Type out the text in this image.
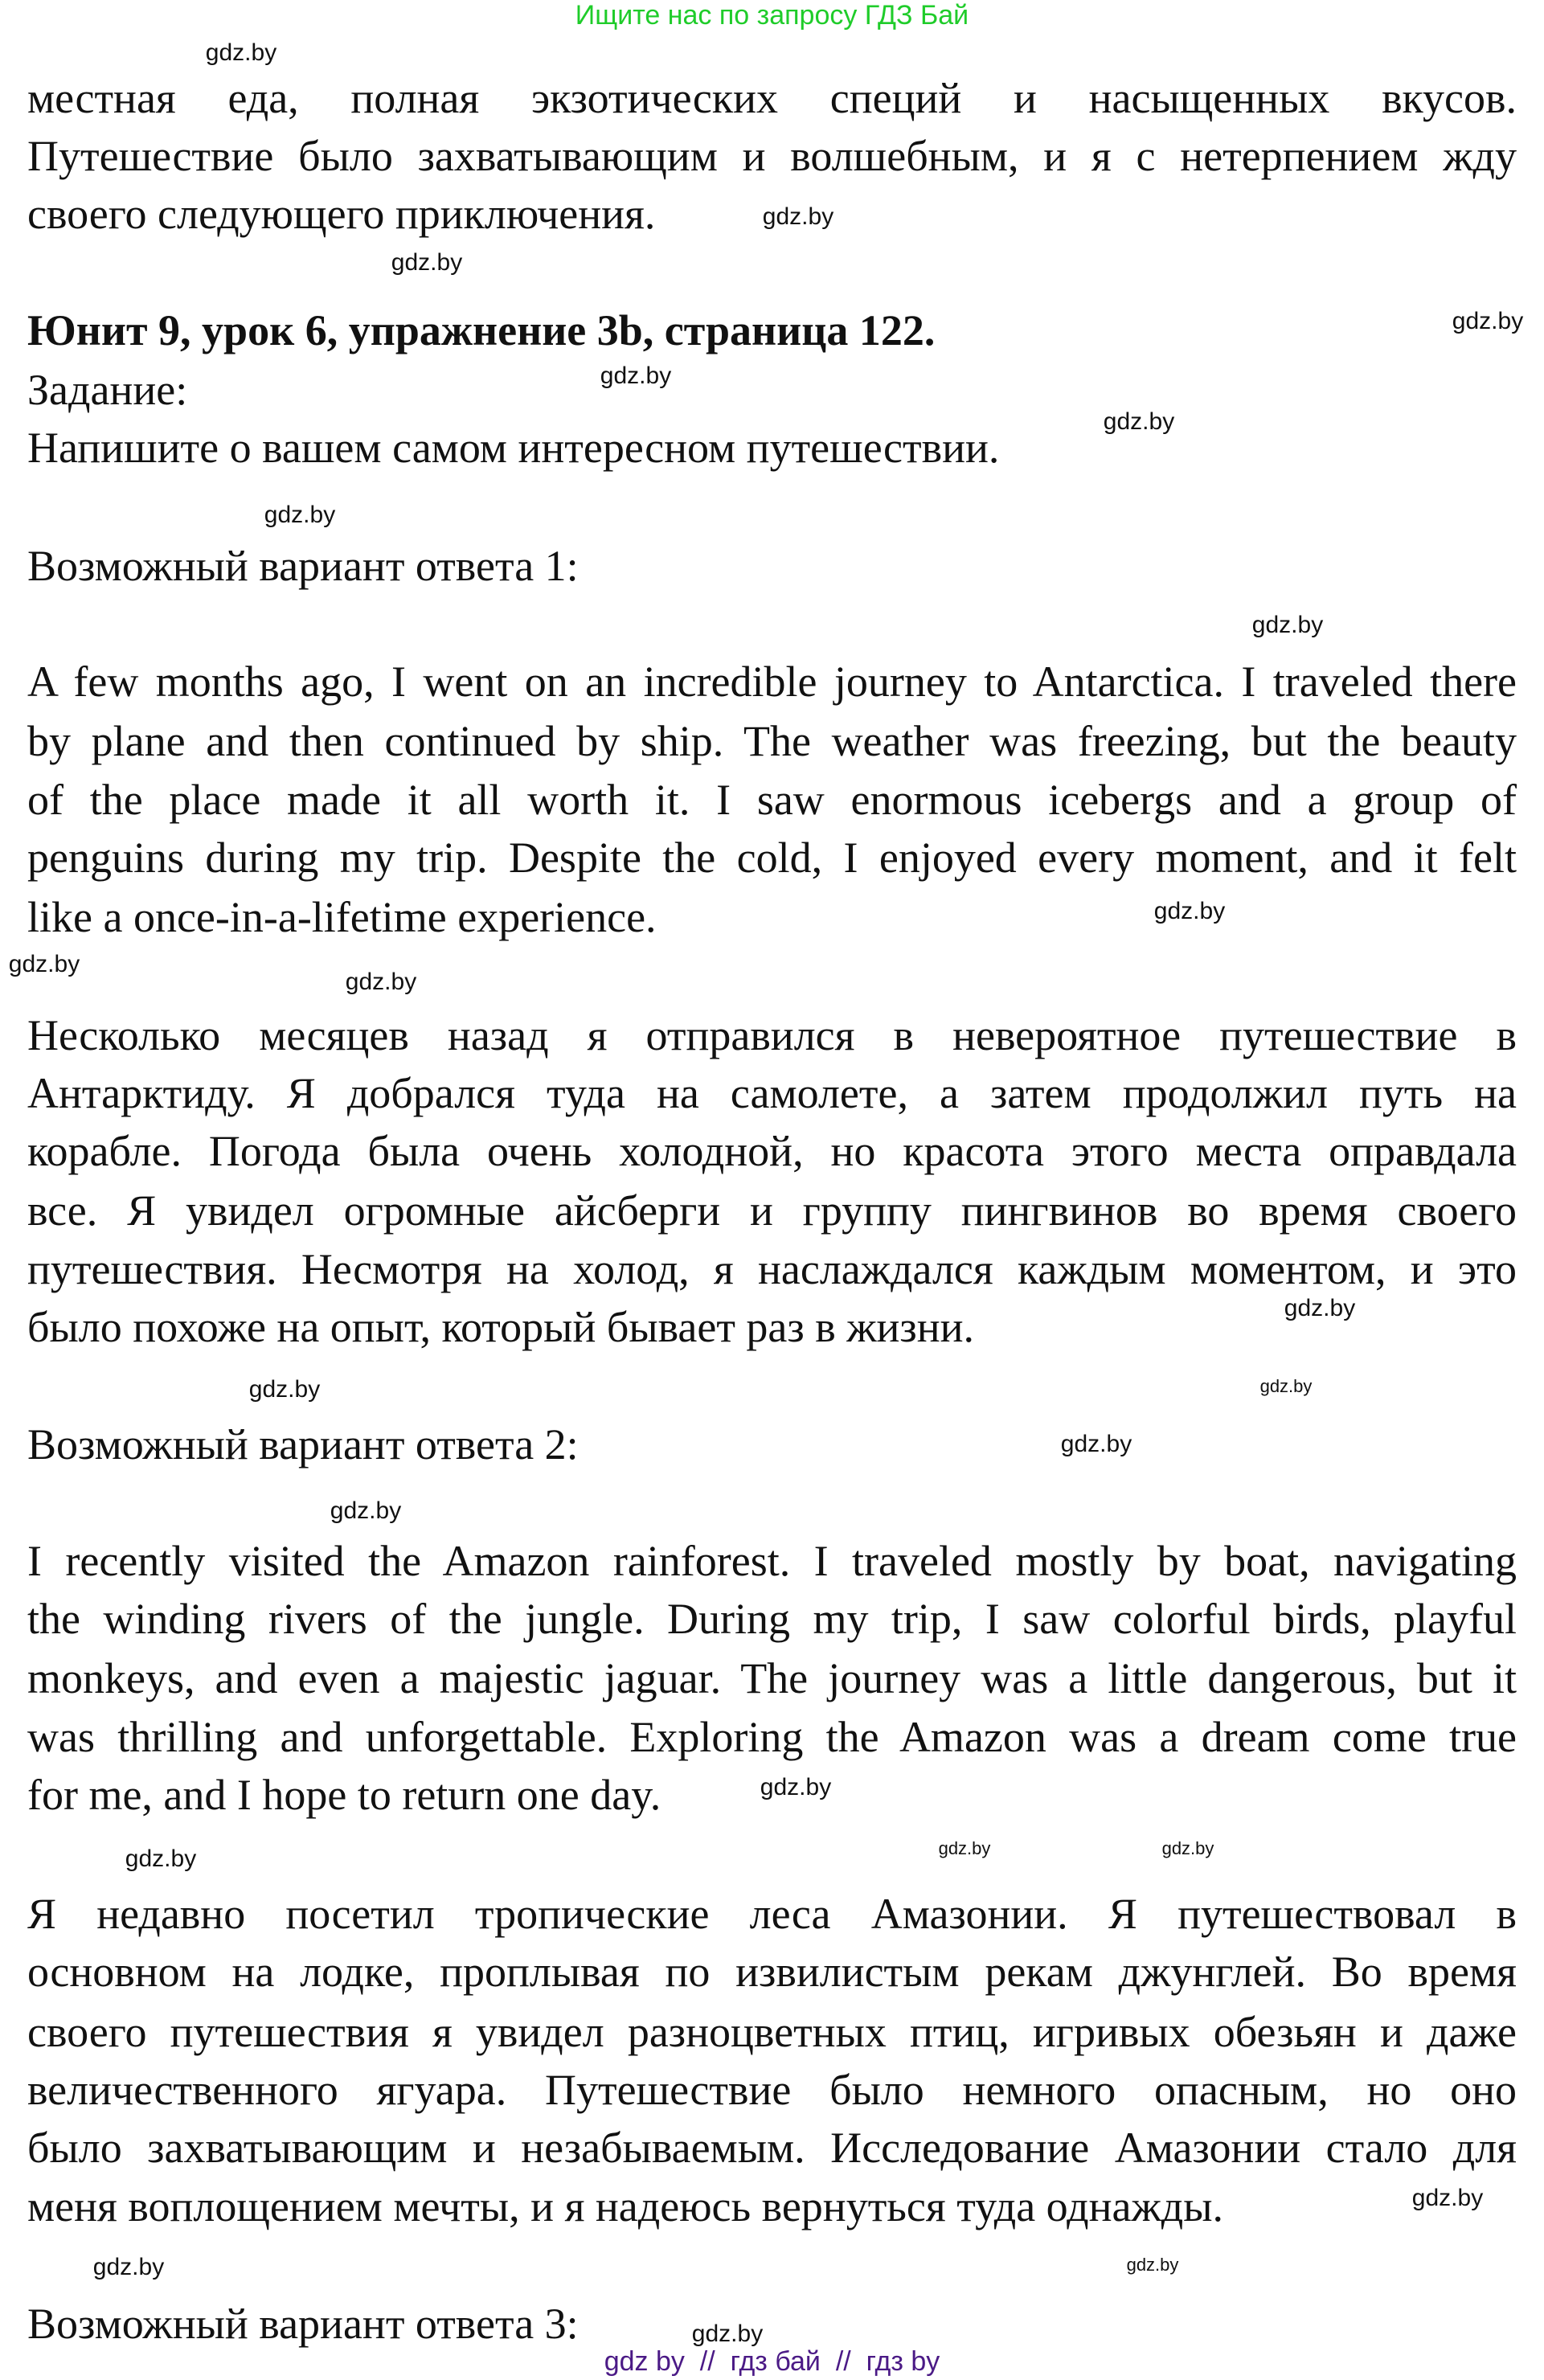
Ищите нас по запросу ГДЗ Бай
местная еда, полная экзотических специй и насыщенных вкусов.
Путешествие было захватывающим и волшебным, и я с нетерпением жду
своего следующего приключения.
Юнит 9, урок 6, упражнение 3b, страница 122.
Задание:
Напишите о вашем самом интересном путешествии.
Возможный вариант ответа 1:
A few months ago, I went on an incredible journey to Antarctica. I traveled there
by plane and then continued by ship. The weather was freezing, but the beauty
of the place made it all worth it. I saw enormous icebergs and a group of
penguins during my trip. Despite the cold, I enjoyed every moment, and it felt
like a once-in-a-lifetime experience.
Несколько месяцев назад я отправился в невероятное путешествие в
Антарктиду. Я добрался туда на самолете, а затем продолжил путь на
корабле. Погода была очень холодной, но красота этого места оправдала
все. Я увидел огромные айсберги и группу пингвинов во время своего
путешествия. Несмотря на холод, я наслаждался каждым моментом, и это
было похоже на опыт, который бывает раз в жизни.
Возможный вариант ответа 2:
I recently visited the Amazon rainforest. I traveled mostly by boat, navigating
the winding rivers of the jungle. During my trip, I saw colorful birds, playful
monkeys, and even a majestic jaguar. The journey was a little dangerous, but it
was thrilling and unforgettable. Exploring the Amazon was a dream come true
for me, and I hope to return one day.
Я недавно посетил тропические леса Амазонии. Я путешествовал в
основном на лодке, проплывая по извилистым рекам джунглей. Во время
своего путешествия я увидел разноцветных птиц, игривых обезьян и даже
величественного ягуара. Путешествие было немного опасным, но оно
было захватывающим и незабываемым. Исследование Амазонии стало для
меня воплощением мечты, и я надеюсь вернуться туда однажды.
Возможный вариант ответа 3:
gdz.by
gdz.by
gdz.by
gdz.by
gdz.by
gdz.by
gdz.by
gdz.by
gdz.by
gdz.by
gdz.by
gdz.by
gdz.by
gdz.by
gdz.by
gdz.by
gdz.by
gdz.by
gdz.by
gdz.by
gdz.by
gdz.by
gdz.by
gdz.by
gdz by  //  гдз бай  //  гдз by
